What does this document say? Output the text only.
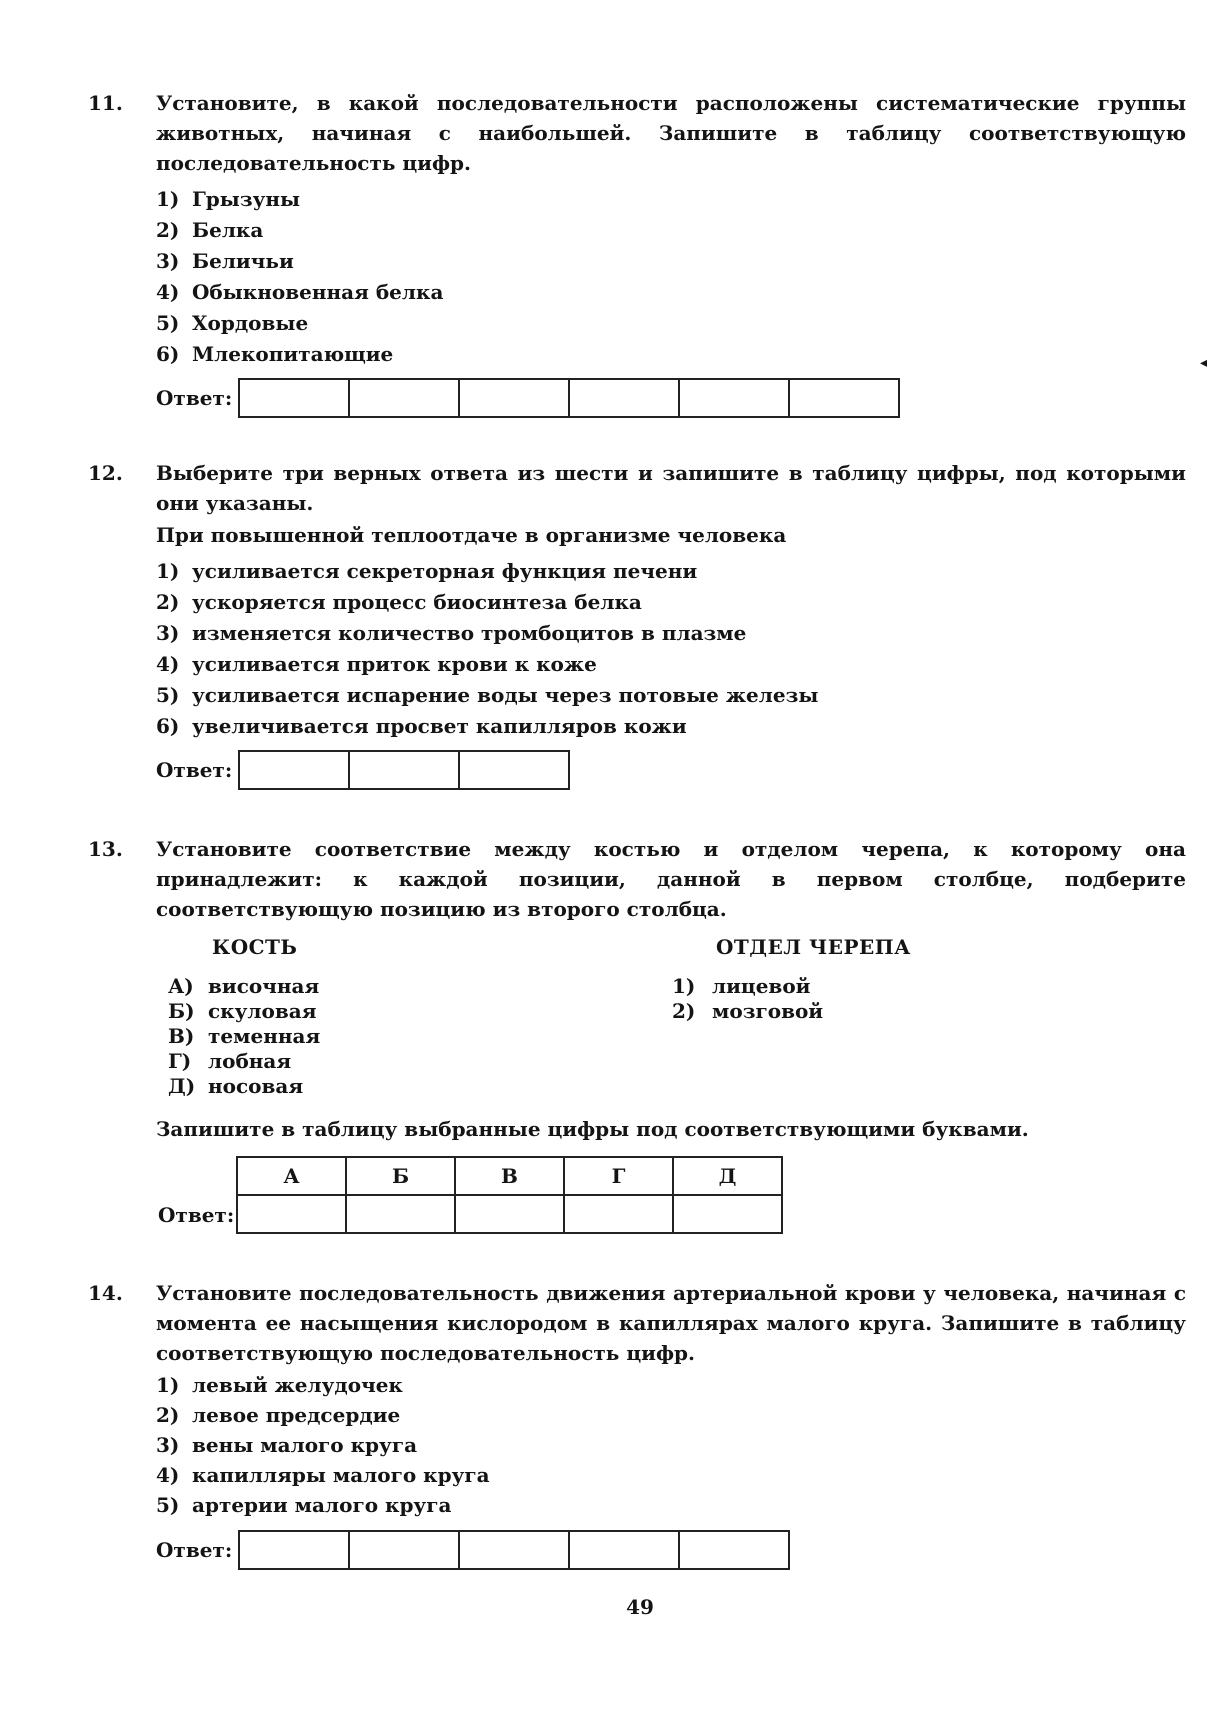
11.	Установите, в какой последовательности расположены систематические группы животных, начиная с наибольшей. Запишите в таблицу соответствующую последовательность цифр.
1) Грызуны
2) Белка
3) Беличьи
4) Обыкновенная белка
5) Хордовые
6) Млекопитающие
Ответ:
◂
12.	Выберите три верных ответа из шести и запишите в таблицу цифры, под которыми они указаны.
При повышенной теплоотдаче в организме человека
1) усиливается секреторная функция печени
2) ускоряется процесс биосинтеза белка
3) изменяется количество тромбоцитов в плазме
4) усиливается приток крови к коже
5) усиливается испарение воды через потовые железы
6) увеличивается просвет капилляров кожи
Ответ:
13.	Установите соответствие между костью и отделом черепа, к которому она принадлежит: к каждой позиции, данной в первом столбце, подберите соответствующую позицию из второго столбца.
КОСТЬ	ОТДЕЛ ЧЕРЕПА
А) височная
Б) скуловая
В) теменная
Г) лобная
Д) носовая
1) лицевой
2) мозговой
Запишите в таблицу выбранные цифры под соответствующими буквами.
Ответ:
А	Б	В	Г	Д

14.	Установите последовательность движения артериальной крови у человека, начиная с момента ее насыщения кислородом в капиллярах малого круга. Запишите в таблицу соответствующую последовательность цифр.
1) левый желудочек
2) левое предсердие
3) вены малого круга
4) капилляры малого круга
5) артерии малого круга
Ответ:
49
